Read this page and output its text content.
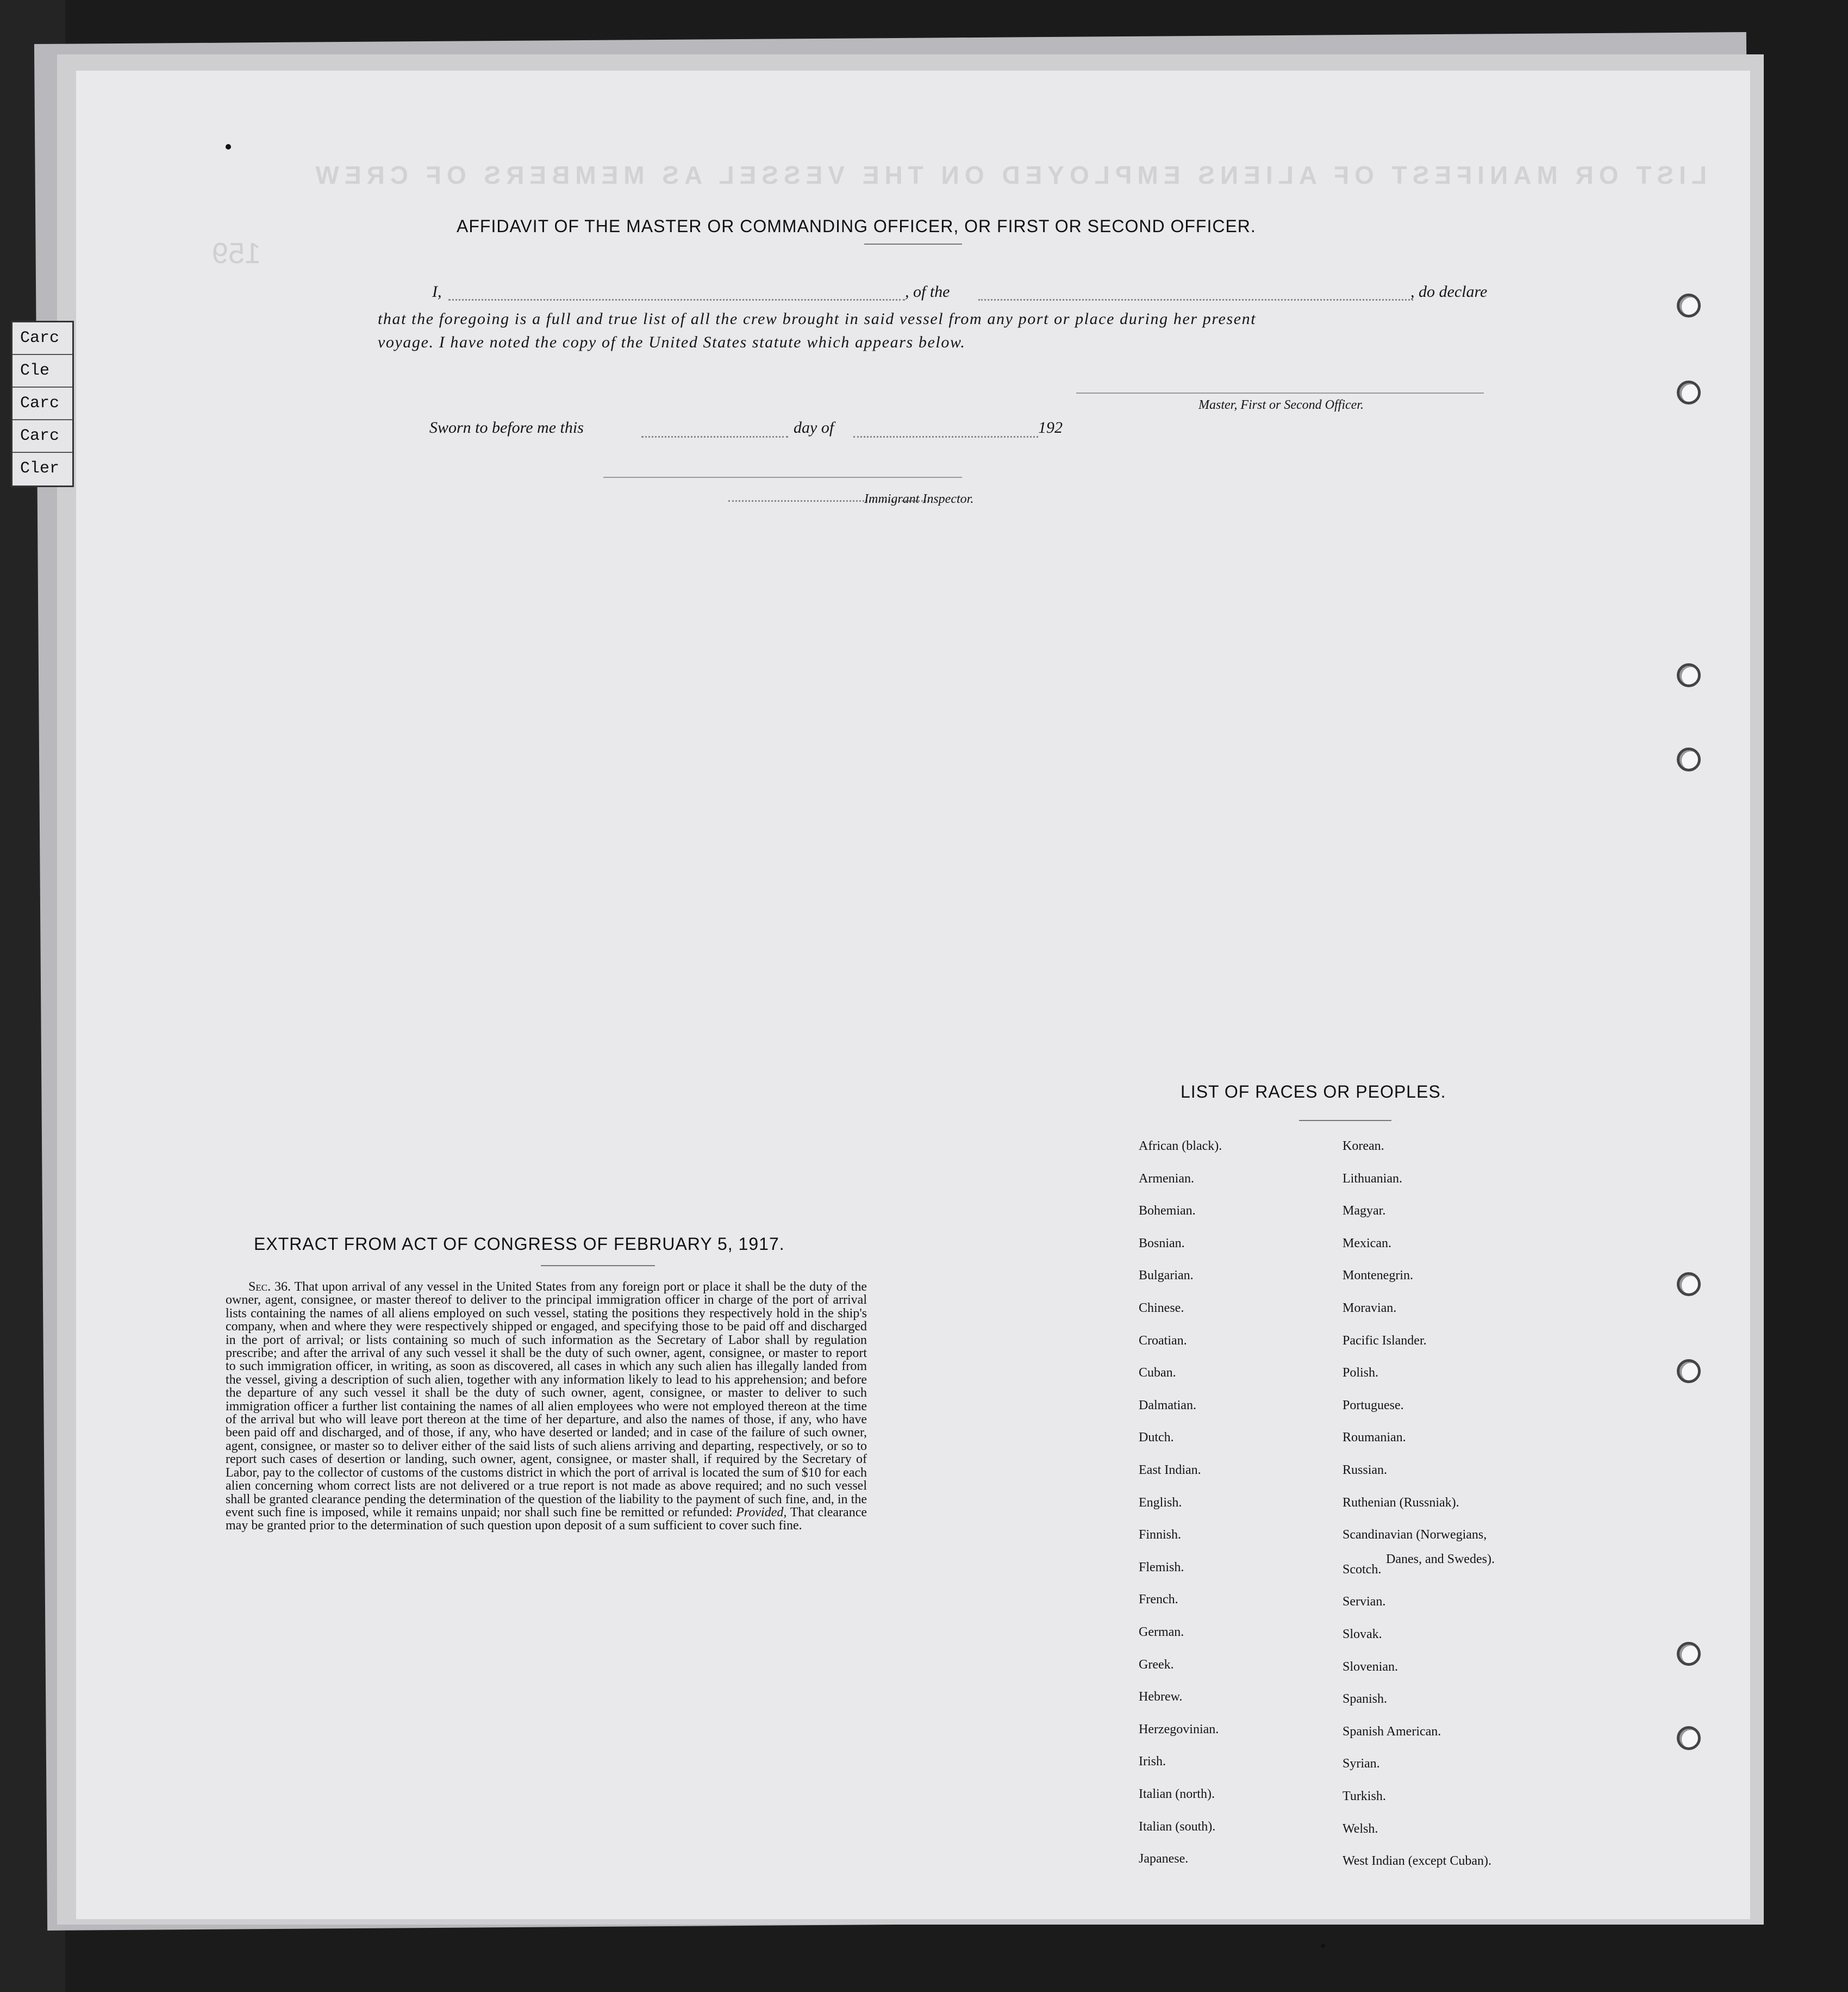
Carc
Cle
Carc
Carc
Cler
LIST OR MANIFEST OF ALIENS EMPLOYED ON THE VESSEL AS MEMBERS OF CREW
159
AFFIDAVIT OF THE MASTER OR COMMANDING OFFICER, OR FIRST OR SECOND OFFICER.
I,	, of the	, do declare
that the foregoing is a full and true list of all the crew brought in said vessel from any port or place during her present
voyage. I have noted the copy of the United States statute which appears below.
Master, First or Second Officer.
Sworn to before me this	day of	192
Immigrant Inspector.
EXTRACT FROM ACT OF CONGRESS OF FEBRUARY 5, 1917.
Sec. 36. That upon arrival of any vessel in the United States from any foreign port or place it shall be the duty of the owner, agent, consignee, or master thereof to deliver to the principal immigration officer in charge of the port of arrival lists containing the names of all aliens employed on such vessel, stating the positions they respectively hold in the ship's company, when and where they were respectively shipped or engaged, and specifying those to be paid off and discharged in the port of arrival; or lists containing so much of such information as the Secretary of Labor shall by regulation prescribe; and after the arrival of any such vessel it shall be the duty of such owner, agent, consignee, or master to report to such immigration officer, in writing, as soon as discovered, all cases in which any such alien has illegally landed from the vessel, giving a description of such alien, together with any information likely to lead to his apprehension; and before the departure of any such vessel it shall be the duty of such owner, agent, consignee, or master to deliver to such immigration officer a further list containing the names of all alien employees who were not employed thereon at the time of the arrival but who will leave port thereon at the time of her departure, and also the names of those, if any, who have been paid off and discharged, and of those, if any, who have deserted or landed; and in case of the failure of such owner, agent, consignee, or master so to deliver either of the said lists of such aliens arriving and departing, respectively, or so to report such cases of desertion or landing, such owner, agent, consignee, or master shall, if required by the Secretary of Labor, pay to the collector of customs of the customs district in which the port of arrival is located the sum of $10 for each alien concerning whom correct lists are not delivered or a true report is not made as above required; and no such vessel shall be granted clearance pending the determination of the question of the liability to the payment of such fine, and, in the event such fine is imposed, while it remains unpaid; nor shall such fine be remitted or refunded: Provided, That clearance may be granted prior to the determination of such question upon deposit of a sum sufficient to cover such fine.
LIST OF RACES OR PEOPLES.
Danes, and Swedes).
African (black).
Armenian.
Bohemian.
Bosnian.
Bulgarian.
Chinese.
Croatian.
Cuban.
Dalmatian.
Dutch.
East Indian.
English.
Finnish.
Flemish.
French.
German.
Greek.
Hebrew.
Herzegovinian.
Irish.
Italian (north).
Italian (south).
Japanese.
Korean.
Lithuanian.
Magyar.
Mexican.
Montenegrin.
Moravian.
Pacific Islander.
Polish.
Portuguese.
Roumanian.
Russian.
Ruthenian (Russniak).
Scandinavian (Norwegians,
Scotch.
Servian.
Slovak.
Slovenian.
Spanish.
Spanish American.
Syrian.
Turkish.
Welsh.
West Indian (except Cuban).
